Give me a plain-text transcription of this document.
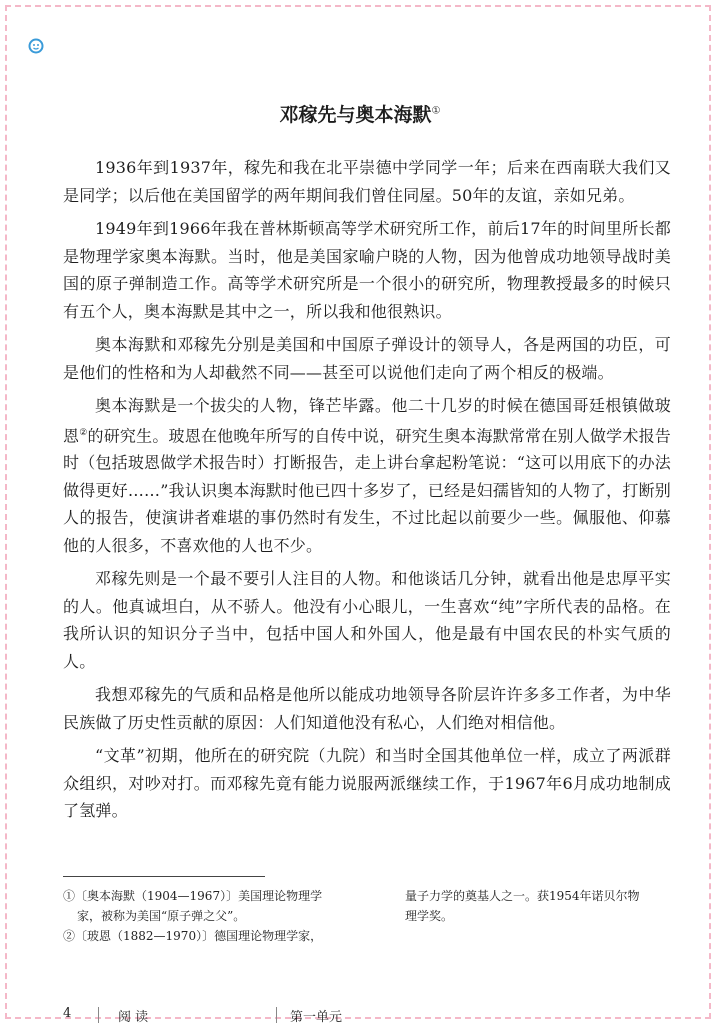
邓稼先与奥本海默①

1936年到1937年，稼先和我在北平崇德中学同学一年；后来在西南联大我们又是同学；以后他在美国留学的两年期间我们曾住同屋。50年的友谊，亲如兄弟。

1949年到1966年我在普林斯顿高等学术研究所工作，前后17年的时间里所长都是物理学家奥本海默。当时，他是美国家喻户晓的人物，因为他曾成功地领导战时美国的原子弹制造工作。高等学术研究所是一个很小的研究所，物理教授最多的时候只有五个人，奥本海默是其中之一，所以我和他很熟识。

奥本海默和邓稼先分别是美国和中国原子弹设计的领导人，各是两国的功臣，可是他们的性格和为人却截然不同——甚至可以说他们走向了两个相反的极端。

奥本海默是一个拔尖的人物，锋芒毕露。他二十几岁的时候在德国哥廷根镇做玻恩②的研究生。玻恩在他晚年所写的自传中说，研究生奥本海默常常在别人做学术报告时（包括玻恩做学术报告时）打断报告，走上讲台拿起粉笔说：“这可以用底下的办法做得更好……”我认识奥本海默时他已四十多岁了，已经是妇孺皆知的人物了，打断别人的报告，使演讲者难堪的事仍然时有发生，不过比起以前要少一些。佩服他、仰慕他的人很多，不喜欢他的人也不少。

邓稼先则是一个最不要引人注目的人物。和他谈话几分钟，就看出他是忠厚平实的人。他真诚坦白，从不骄人。他没有小心眼儿，一生喜欢“纯”字所代表的品格。在我所认识的知识分子当中，包括中国人和外国人，他是最有中国农民的朴实气质的人。

我想邓稼先的气质和品格是他所以能成功地领导各阶层许许多多工作者，为中华民族做了历史性贡献的原因：人们知道他没有私心，人们绝对相信他。

“文革”初期，他所在的研究院（九院）和当时全国其他单位一样，成立了两派群众组织，对吵对打。而邓稼先竟有能力说服两派继续工作，于1967年6月成功地制成了氢弹。

①〔奥本海默（1904—1967）〕美国理论物理学

家，被称为美国“原子弹之父”。

②〔玻恩（1882—1970）〕德国理论物理学家，

量子力学的奠基人之一。获1954年诺贝尔物

理学奖。

4	阅 读	第一单元
